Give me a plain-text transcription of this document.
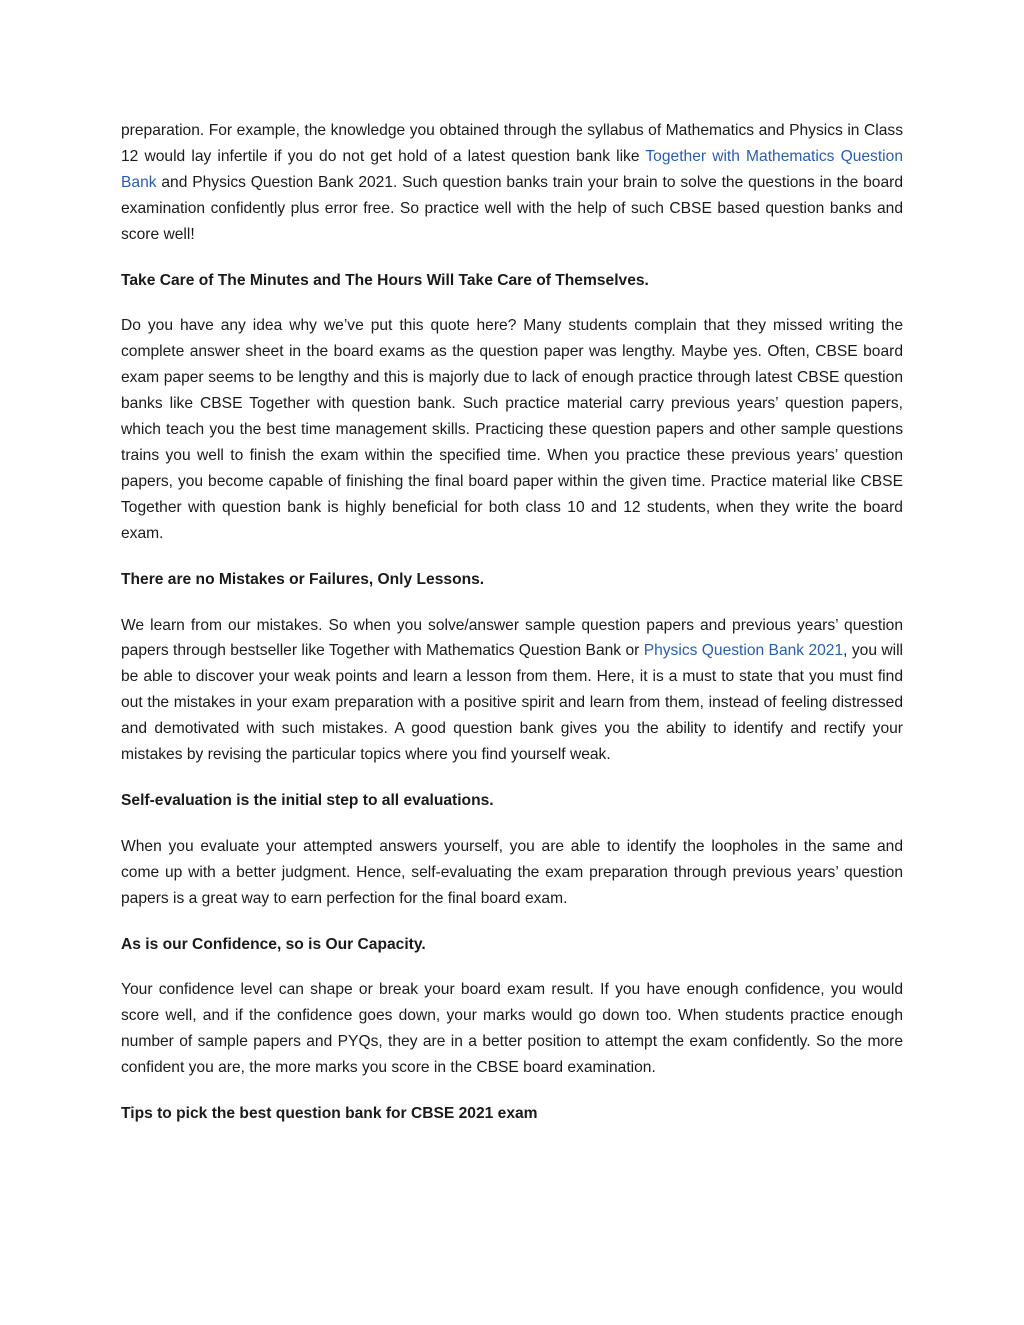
preparation. For example, the knowledge you obtained through the syllabus of Mathematics and Physics in Class 12 would lay infertile if you do not get hold of a latest question bank like Together with Mathematics Question Bank and Physics Question Bank 2021. Such question banks train your brain to solve the questions in the board examination confidently plus error free. So practice well with the help of such CBSE based question banks and score well!

Take Care of The Minutes and The Hours Will Take Care of Themselves.

Do you have any idea why we’ve put this quote here? Many students complain that they missed writing the complete answer sheet in the board exams as the question paper was lengthy. Maybe yes. Often, CBSE board exam paper seems to be lengthy and this is majorly due to lack of enough practice through latest CBSE question banks like CBSE Together with question bank. Such practice material carry previous years’ question papers, which teach you the best time management skills. Practicing these question papers and other sample questions trains you well to finish the exam within the specified time. When you practice these previous years’ question papers, you become capable of finishing the final board paper within the given time. Practice material like CBSE Together with question bank is highly beneficial for both class 10 and 12 students, when they write the board exam.

There are no Mistakes or Failures, Only Lessons.

We learn from our mistakes. So when you solve/answer sample question papers and previous years’ question papers through bestseller like Together with Mathematics Question Bank or Physics Question Bank 2021, you will be able to discover your weak points and learn a lesson from them. Here, it is a must to state that you must find out the mistakes in your exam preparation with a positive spirit and learn from them, instead of feeling distressed and demotivated with such mistakes. A good question bank gives you the ability to identify and rectify your mistakes by revising the particular topics where you find yourself weak.

Self-evaluation is the initial step to all evaluations.

When you evaluate your attempted answers yourself, you are able to identify the loopholes in the same and come up with a better judgment. Hence, self-evaluating the exam preparation through previous years’ question papers is a great way to earn perfection for the final board exam.

As is our Confidence, so is Our Capacity.

Your confidence level can shape or break your board exam result. If you have enough confidence, you would score well, and if the confidence goes down, your marks would go down too. When students practice enough number of sample papers and PYQs, they are in a better position to attempt the exam confidently. So the more confident you are, the more marks you score in the CBSE board examination.

Tips to pick the best question bank for CBSE 2021 exam
